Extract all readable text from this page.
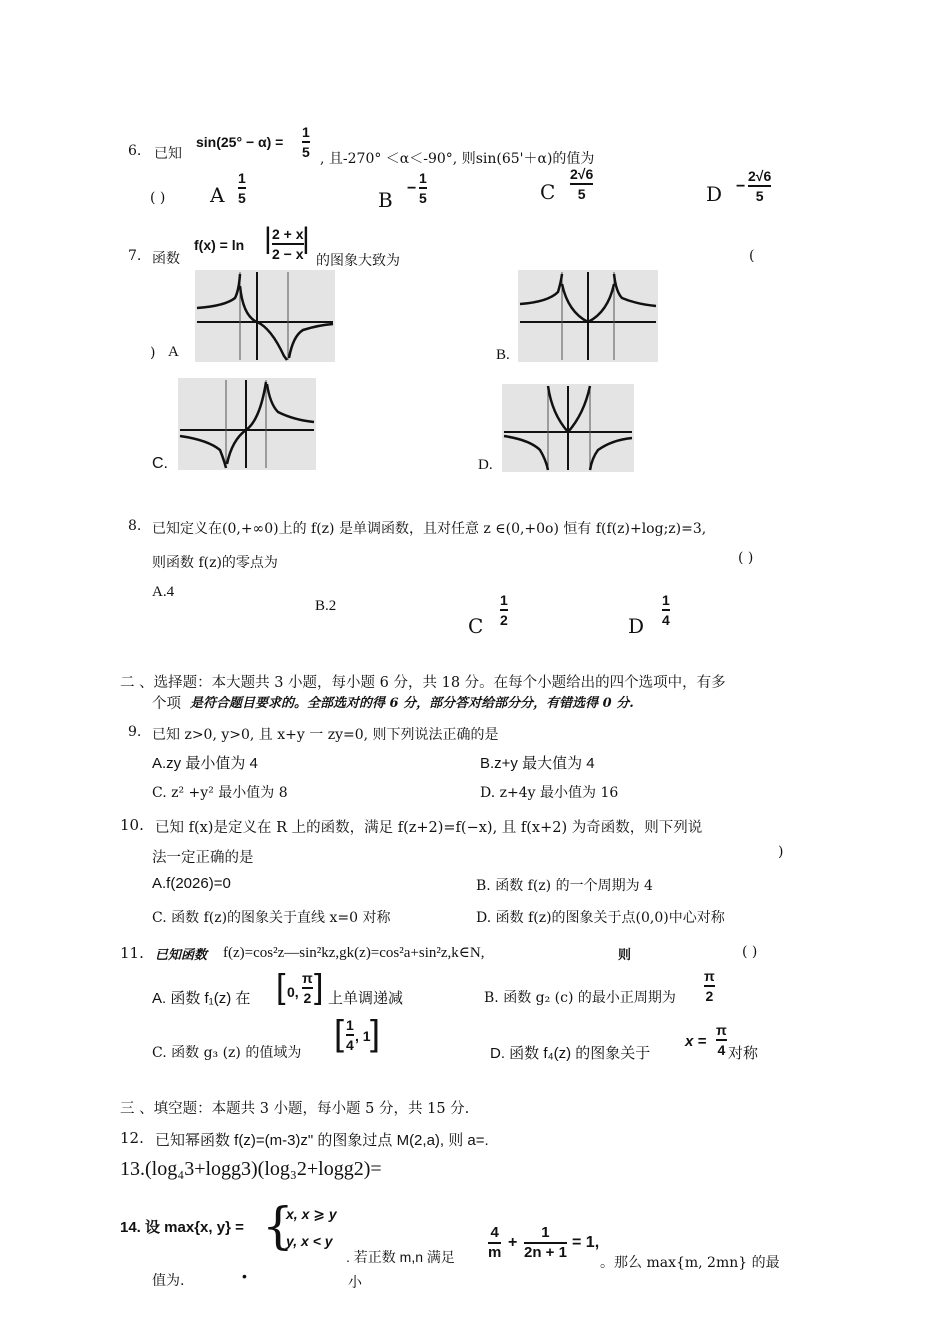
6. 已知
sin(25° − α) =
1
5 , 且-270° ＜α＜-90°, 则sin(65'＋α)的值为
( ) A
1
5	B −
1
5	C
2√6
5	D −
2√6
5
7. 函数
f(x) = ln | 2 + x
2 − x
|
的图象大致为	(
) A	B.
C.	D.
8. 已知定义在(0,+∞0)上的 f(z) 是单调函数，且对任意 z ∈(0,+0o) 恒有 f(f(z)+log;z)=3,
则函数 f(z)的零点为	( )
A.4
B.2
C
1
2	D
1
4
二 、选择题：本大题共 3 小题，每小题 6 分，共 18 分。在每个小题给出的四个选项中，有多
个项 是符合题目要求的。全部选对的得 6 分，部分答对给部分分，有错选得 0 分.
9. 已知 z>0, y>0, 且 x+y 一 zy=0, 则下列说法正确的是
A.zy 最小值为 4	B.z+y 最大值为 4
C. z² +y² 最小值为 8	D. z+4y 最小值为 16
10. 已知 f(x)是定义在 R 上的函数，满足 f(z+2)=f(−x), 且 f(x+2) 为奇函数，则下列说
法一定正确的是	)
A.f(2026)=0	B. 函数 f(z) 的一个周期为 4
C. 函数 f(z)的图象关于直线 x=0 对称	D. 函数 f(z)的图象关于点(0,0)中心对称
11. 已知函数 f(z)=cos²z—sin²kz,gk(z)=cos²a+sin²z,k∈N,	则	( )
A. 函数 f₁(z) 在 [ 0,
π
2 ] 上单调递减	B. 函数 g₂ (c) 的最小正周期为
π
2
C. 函数 g₃ (z) 的值域为 [ 1
4
, 1 ]
D. 函数 f₄(z) 的图象关于
x =
π
4 对称
三 、填空题：本题共 3 小题，每小题 5 分，共 15 分.
12. 已知幂函数 f(z)=(m-3)z" 的图象过点 M(2,a), 则 a=.
13.(log₄3+logg3)(log₃2+logg2)=
14. 设 max{x, y} = {
x, x ⩾ y
y, x < y
. 若正数 m,n 满足
4
m
+
1
2n + 1
= 1,
。那么 max{m, 2mn} 的最
值为.	•	小
